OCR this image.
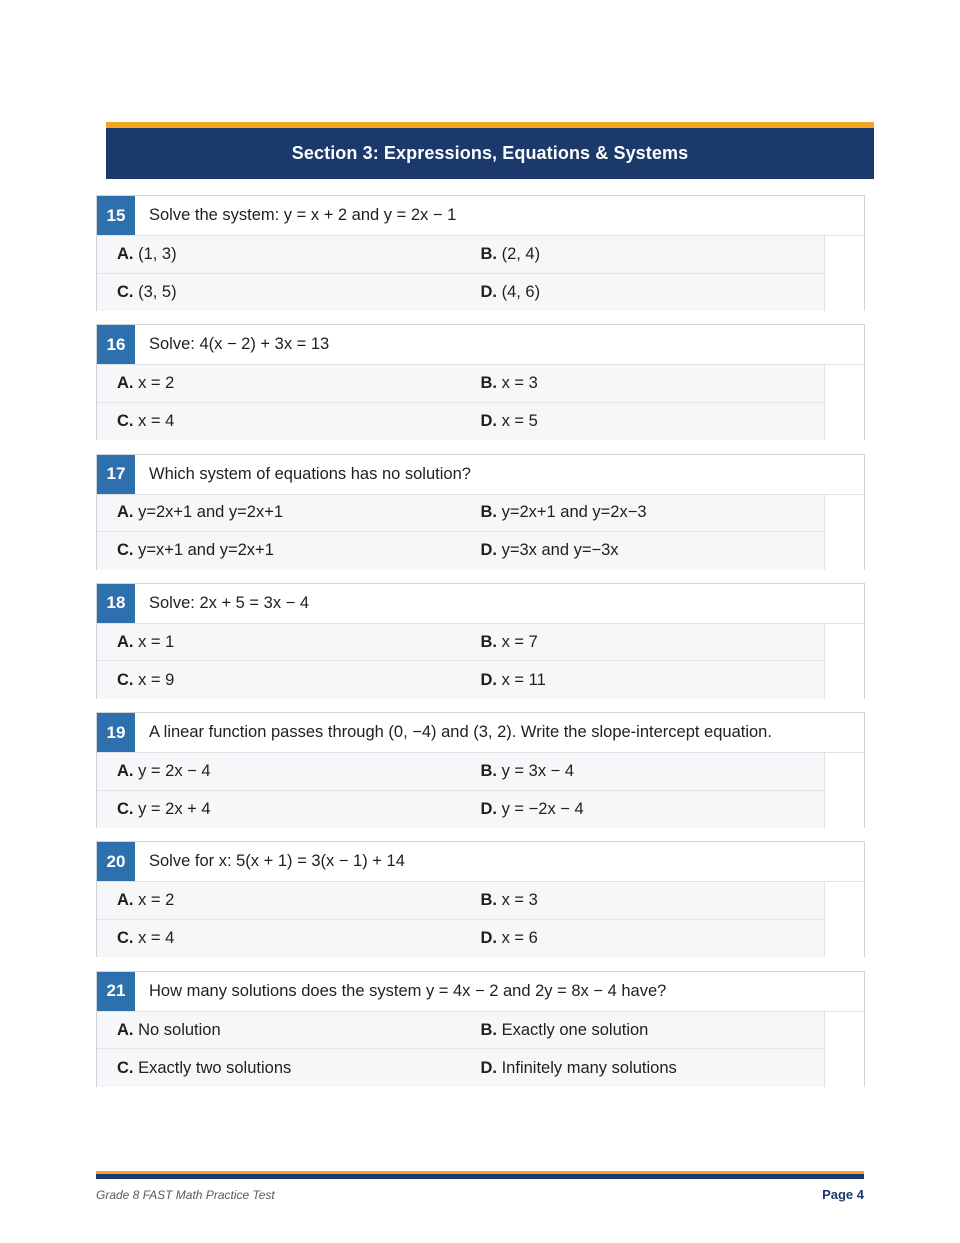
Section 3: Expressions, Equations & Systems
15	Solve the system: y = x + 2 and y = 2x − 1
A. (1, 3)	B. (2, 4)
C. (3, 5)	D. (4, 6)
16	Solve: 4(x − 2) + 3x = 13
A. x = 2	B. x = 3
C. x = 4	D. x = 5
17	Which system of equations has no solution?
A. y=2x+1 and y=2x+1	B. y=2x+1 and y=2x−3
C. y=x+1 and y=2x+1	D. y=3x and y=−3x
18	Solve: 2x + 5 = 3x − 4
A. x = 1	B. x = 7
C. x = 9	D. x = 11
19	A linear function passes through (0, −4) and (3, 2). Write the slope-intercept equation.
A. y = 2x − 4	B. y = 3x − 4
C. y = 2x + 4	D. y = −2x − 4
20	Solve for x: 5(x + 1) = 3(x − 1) + 14
A. x = 2	B. x = 3
C. x = 4	D. x = 6
21	How many solutions does the system y = 4x − 2 and 2y = 8x − 4 have?
A. No solution	B. Exactly one solution
C. Exactly two solutions	D. Infinitely many solutions
Grade 8 FAST Math Practice Test	Page 4
